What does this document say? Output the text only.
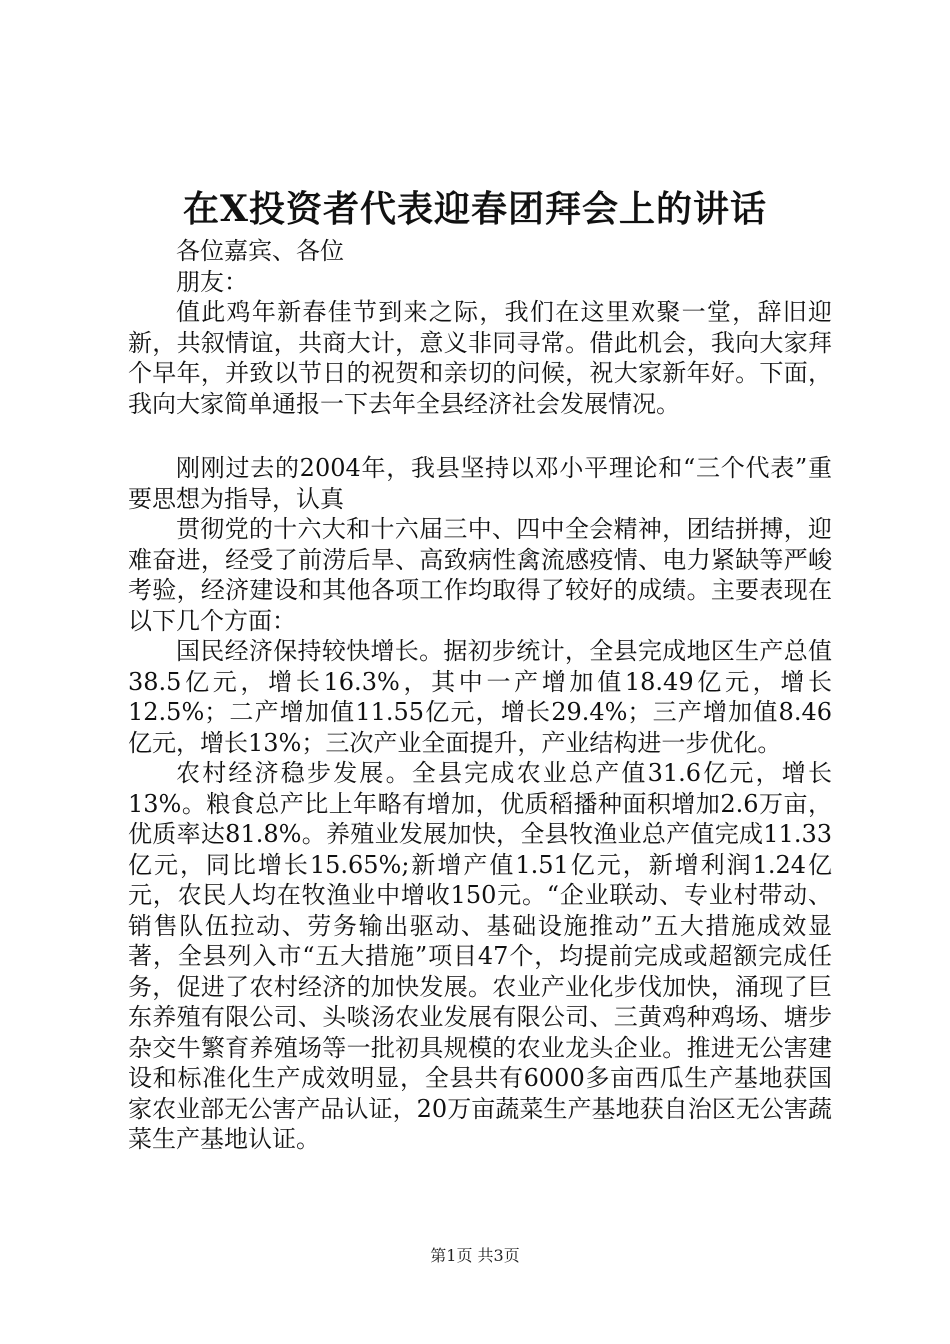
在X投资者代表迎春团拜会上的讲话

各位嘉宾、各位

朋友：

值此鸡年新春佳节到来之际，我们在这里欢聚一堂，辞旧迎新，共叙情谊，共商大计，意义非同寻常。借此机会，我向大家拜个早年，并致以节日的祝贺和亲切的问候，祝大家新年好。下面，我向大家简单通报一下去年全县经济社会发展情况。

刚刚过去的2004年，我县坚持以邓小平理论和“三个代表”重要思想为指导，认真

贯彻党的十六大和十六届三中、四中全会精神，团结拼搏，迎难奋进，经受了前涝后旱、高致病性禽流感疫情、电力紧缺等严峻考验，经济建设和其他各项工作均取得了较好的成绩。主要表现在以下几个方面：

国民经济保持较快增长。据初步统计，全县完成地区生产总值38.5亿元，增长16.3%，其中一产增加值18.49亿元，增长12.5%；二产增加值11.55亿元，增长29.4%；三产增加值8.46亿元，增长13%；三次产业全面提升，产业结构进一步优化。

农村经济稳步发展。全县完成农业总产值31.6亿元，增长13%。粮食总产比上年略有增加，优质稻播种面积增加2.6万亩，优质率达81.8%。养殖业发展加快，全县牧渔业总产值完成11.33亿元，同比增长15.65%;新增产值1.51亿元，新增利润1.24亿元，农民人均在牧渔业中增收150元。“企业联动、专业村带动、销售队伍拉动、劳务输出驱动、基础设施推动”五大措施成效显著，全县列入市“五大措施”项目47个，均提前完成或超额完成任务，促进了农村经济的加快发展。农业产业化步伐加快，涌现了巨东养殖有限公司、头啖汤农业发展有限公司、三黄鸡种鸡场、塘步杂交牛繁育养殖场等一批初具规模的农业龙头企业。推进无公害建设和标准化生产成效明显，全县共有6000多亩西瓜生产基地获国家农业部无公害产品认证，20万亩蔬菜生产基地获自治区无公害蔬菜生产基地认证。

第1页 共3页
